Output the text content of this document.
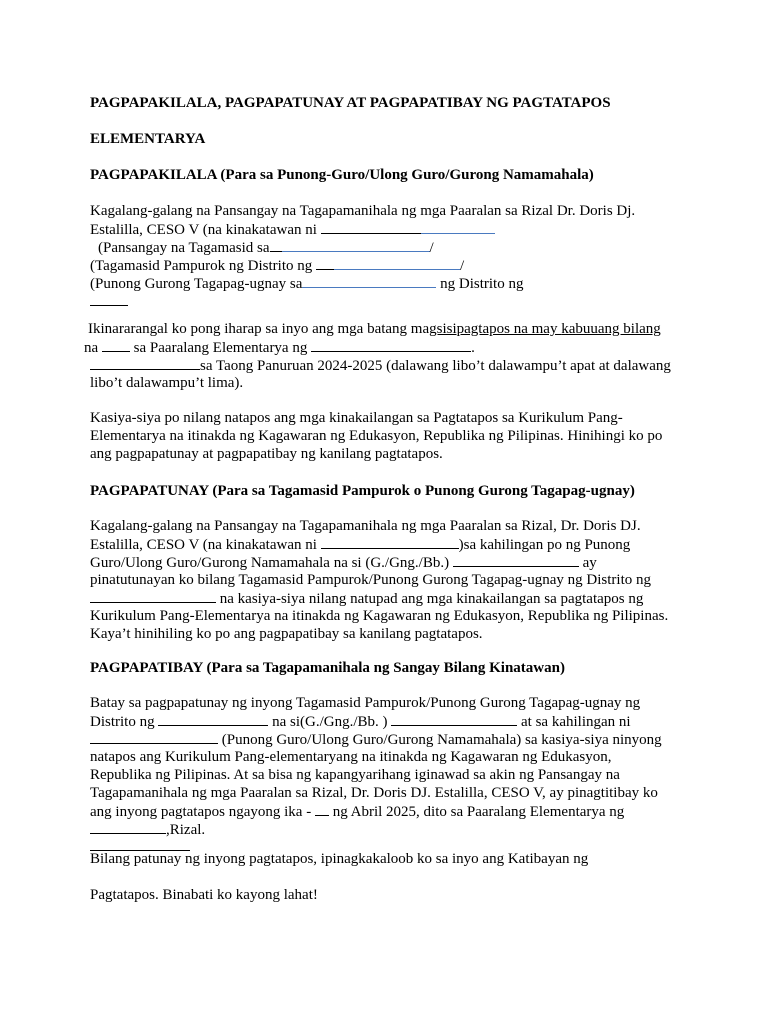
PAGPAPAKILALA, PAGPAPATUNAY AT PAGPAPATIBAY NG PAGTATAPOS
ELEMENTARYA
PAGPAPAKILALA (Para sa Punong-Guro/Ulong Guro/Gurong Namamahala)
Kagalang-galang na Pansangay na Tagapamanihala ng mga Paaralan sa Rizal Dr. Doris Dj.
Estalilla, CESO V (na kinakatawan ni
(Pansangay na Tagamasid sa	/
(Tagamasid Pampurok ng Distrito ng	/
(Punong Gurong Tagapag-ugnay sa	ng Distrito ng
Ikinararangal ko pong iharap sa inyo ang mga batang magsisipagtapos na may kabuuang bilang
na  sa Paaralang Elementarya ng	.
sa Taong Panuruan 2024-2025 (dalawang libo’t dalawampu’t apat at dalawang
libo’t dalawampu’t lima).
Kasiya-siya po nilang natapos ang mga kinakailangan sa Pagtatapos sa Kurikulum Pang-
Elementarya na itinakda ng Kagawaran ng Edukasyon, Republika ng Pilipinas. Hinihingi ko po
ang pagpapatunay at pagpapatibay ng kanilang pagtatapos.
PAGPAPATUNAY (Para sa Tagamasid Pampurok o Punong Gurong Tagapag-ugnay)
Kagalang-galang na Pansangay na Tagapamanihala ng mga Paaralan sa Rizal, Dr. Doris DJ.
Estalilla, CESO V (na kinakatawan ni	)sa kahilingan po ng Punong
Guro/Ulong Guro/Gurong Namamahala na si (G./Gng./Bb.)	ay
pinatutunayan ko bilang Tagamasid Pampurok/Punong Gurong Tagapag-ugnay ng Distrito ng
na kasiya-siya nilang natupad ang mga kinakailangan sa pagtatapos ng
Kurikulum Pang-Elementarya na itinakda ng Kagawaran ng Edukasyon, Republika ng Pilipinas.
Kaya’t hinihiling ko po ang pagpapatibay sa kanilang pagtatapos.
PAGPAPATIBAY (Para sa Tagapamanihala ng Sangay Bilang Kinatawan)
Batay sa pagpapatunay ng inyong Tagamasid Pampurok/Punong Gurong Tagapag-ugnay ng
Distrito ng	na si(G./Gng./Bb. )	at sa kahilingan ni
(Punong Guro/Ulong Guro/Gurong Namamahala) sa kasiya-siya ninyong
natapos ang Kurikulum Pang-elementaryang na itinakda ng Kagawaran ng Edukasyon,
Republika ng Pilipinas. At sa bisa ng kapangyarihang iginawad sa akin ng Pansangay na
Tagapamanihala ng mga Paaralan sa Rizal, Dr. Doris DJ. Estalilla, CESO V, ay pinagtitibay ko
ang inyong pagtatapos ngayong ika -  ng Abril 2025, dito sa Paaralang Elementarya ng
,Rizal.
Bilang patunay ng inyong pagtatapos, ipinagkakaloob ko sa inyo ang Katibayan ng
Pagtatapos. Binabati ko kayong lahat!
